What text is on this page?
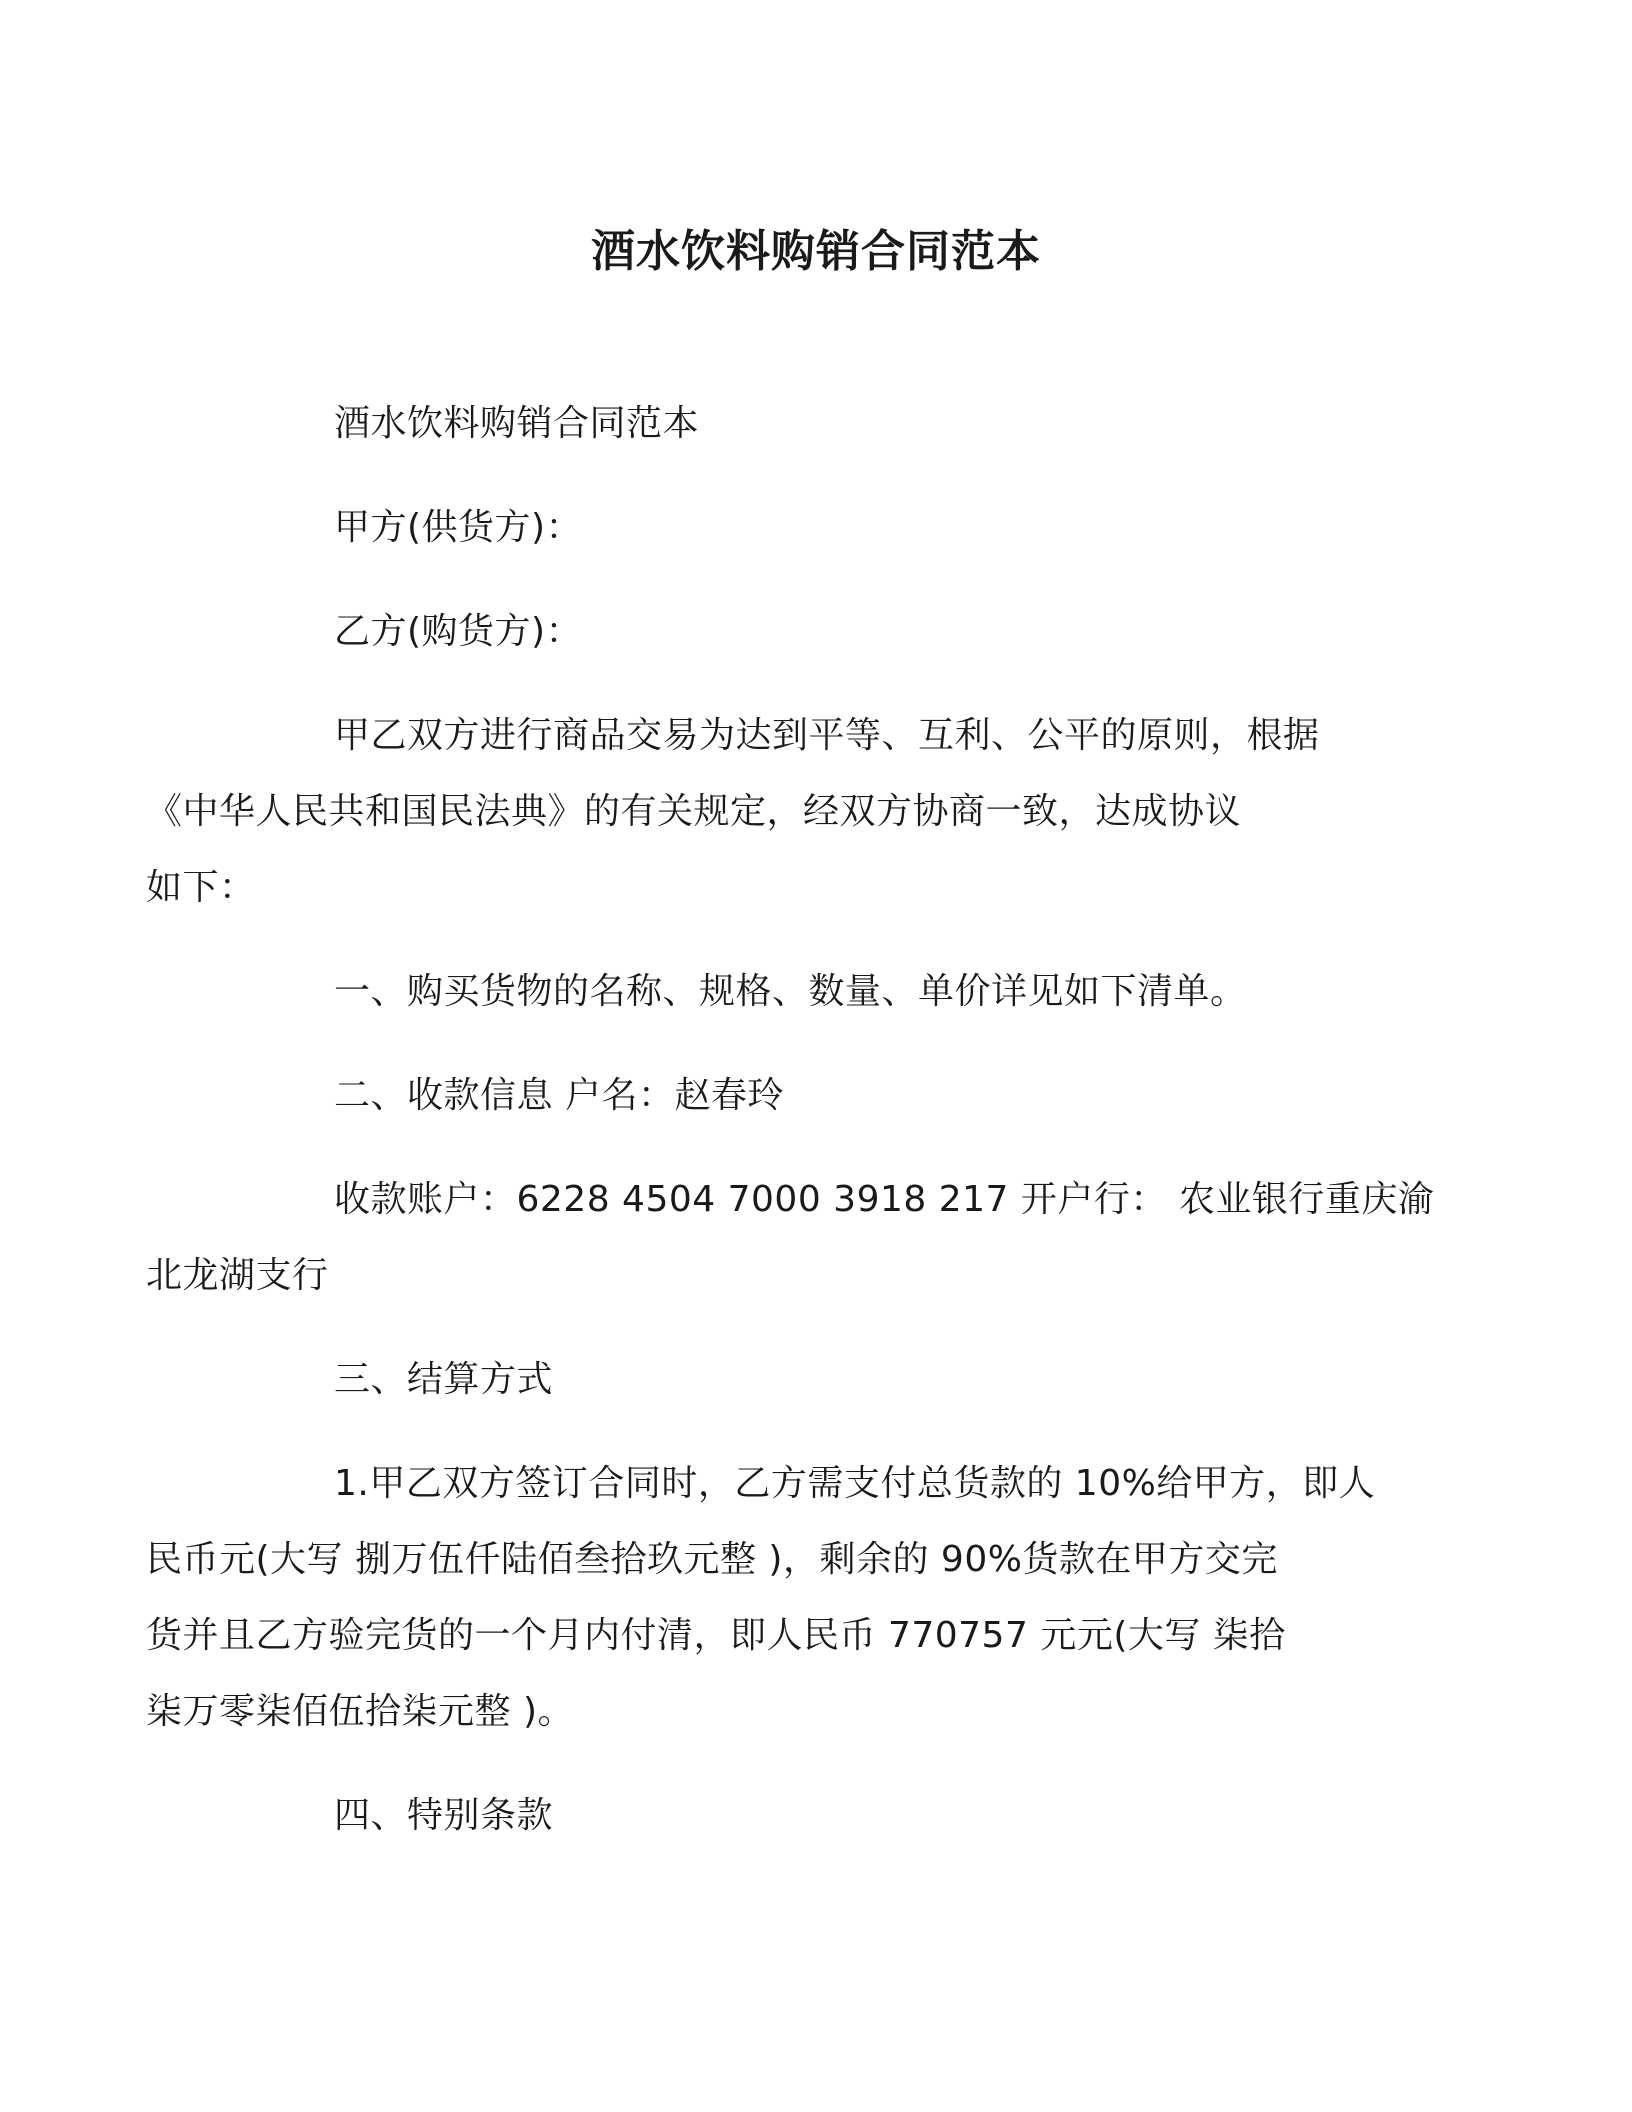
酒水饮料购销合同范本

酒水饮料购销合同范本

甲方(供货方)：

乙方(购货方)：

甲乙双方进行商品交易为达到平等、互利、公平的原则，根据
《中华人民共和国民法典》的有关规定，经双方协商一致，达成协议
如下：

一、购买货物的名称、规格、数量、单价详见如下清单。

二、收款信息 户名：赵春玲

收款账户：6228 4504 7000 3918 217 开户行： 农业银行重庆渝
北龙湖支行

三、结算方式

1.甲乙双方签订合同时，乙方需支付总货款的 10%给甲方，即人
民币元(大写 捌万伍仟陆佰叁拾玖元整 )，剩余的 90%货款在甲方交完
货并且乙方验完货的一个月内付清，即人民币 770757 元元(大写 柒拾
柒万零柒佰伍拾柒元整 )。

四、特别条款
